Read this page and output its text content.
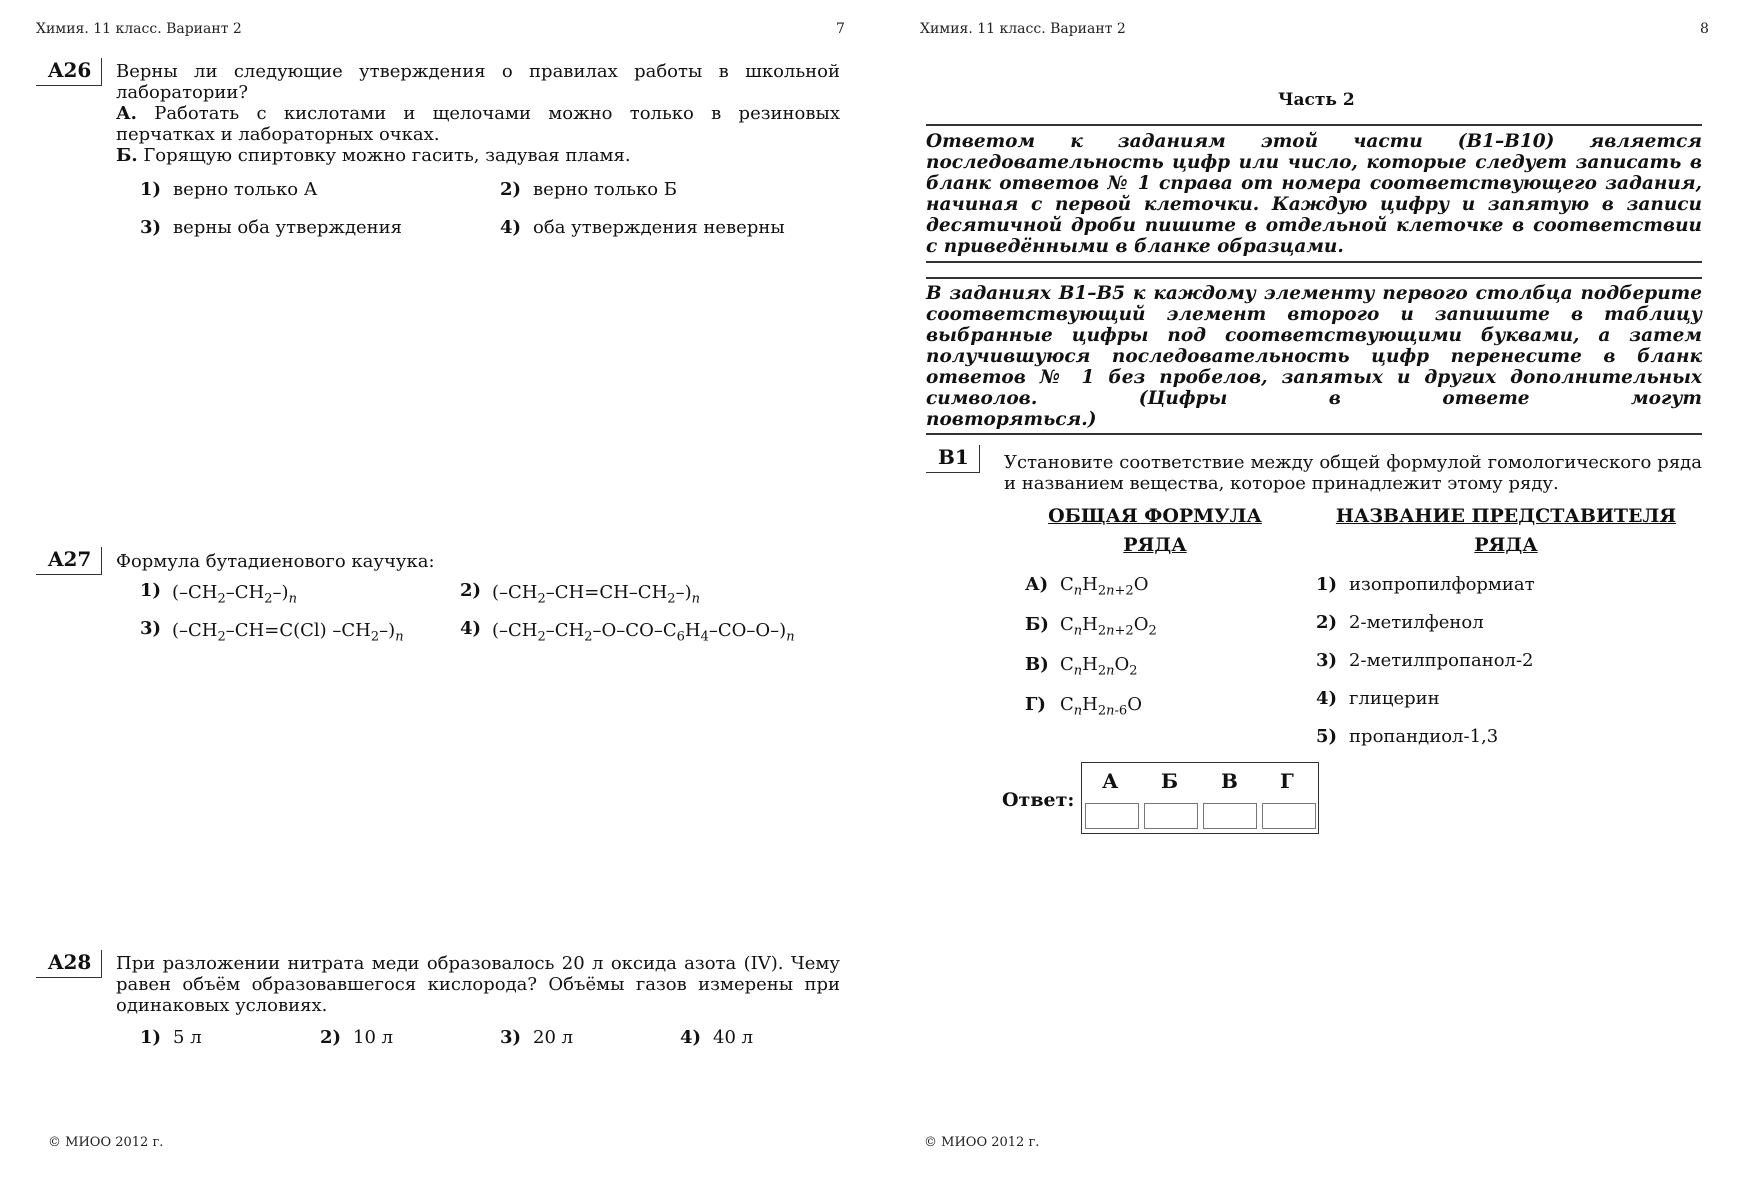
Химия. 11 класс. Вариант 2	7
A26	Верны ли следующие утверждения о правилах работы в школьной лаборатории?
А. Работать с кислотами и щелочами можно только в резиновых перчатках и лабораторных очках.
Б. Горящую спиртовку можно гасить, задувая пламя.
1) верно только А	2) верно только Б
3) верны оба утверждения	4) оба утверждения неверны
A27	Формула бутадиенового каучука:
1) $(-CH_2-CH_2-)_n$	2) $(-CH_2-CH=CH-CH_2-)_n$
3) ($-CH_2-CH=C(Cl)$ $-CH_2-)_n$	4) $(-CH_2-CH_2-O-CO-C_6H_4-CO-O-)_n$
A28	При разложении нитрата меди образовалось 20 л оксида азота (IV). Чему равен объём образовавшегося кислорода? Объёмы газов измерены при одинаковых условиях.
1) 5 л	2) 10 л	3) 20 л	4) 40 л
© МИОО 2012 г.
Химия. 11 класс. Вариант 2	8
Часть 2
Ответом к заданиям этой части (В1–В10) является последовательность цифр или число, которые следует записать в бланк ответов № 1 справа от номера соответствующего задания, начиная с первой клеточки. Каждую цифру и запятую в записи десятичной дроби пишите в отдельной клеточке в соответствии
с приведёнными в бланке образцами.
В заданиях В1–В5 к каждому элементу первого столбца подберите соответствующий элемент второго и запишите в таблицу выбранные цифры под соответствующими буквами, а затем получившуюся последовательность цифр перенесите в бланк ответов № 1 без пробелов, запятых и других дополнительных символов. (Цифры в ответе могут
повторяться.)
B1	Установите соответствие между общей формулой гомологического ряда и названием вещества, которое принадлежит этому ряду.
ОБЩАЯ ФОРМУЛА РЯДА
НАЗВАНИЕ ПРЕДСТАВИТЕЛЯ РЯДА
А) $C_nH_{2n+2}O$
Б) $C_nH_{2n+2}O_2$
В) $C_nH_{2n}O_2$
Г) $C_nH_{2n-6}O$
1) изопропилформиат
2) 2-метилфенол
3) 2-метилпропанол-2
4) глицерин
5) пропандиол-1,3
Ответ:
А Б В Г
© МИОО 2012 г.
